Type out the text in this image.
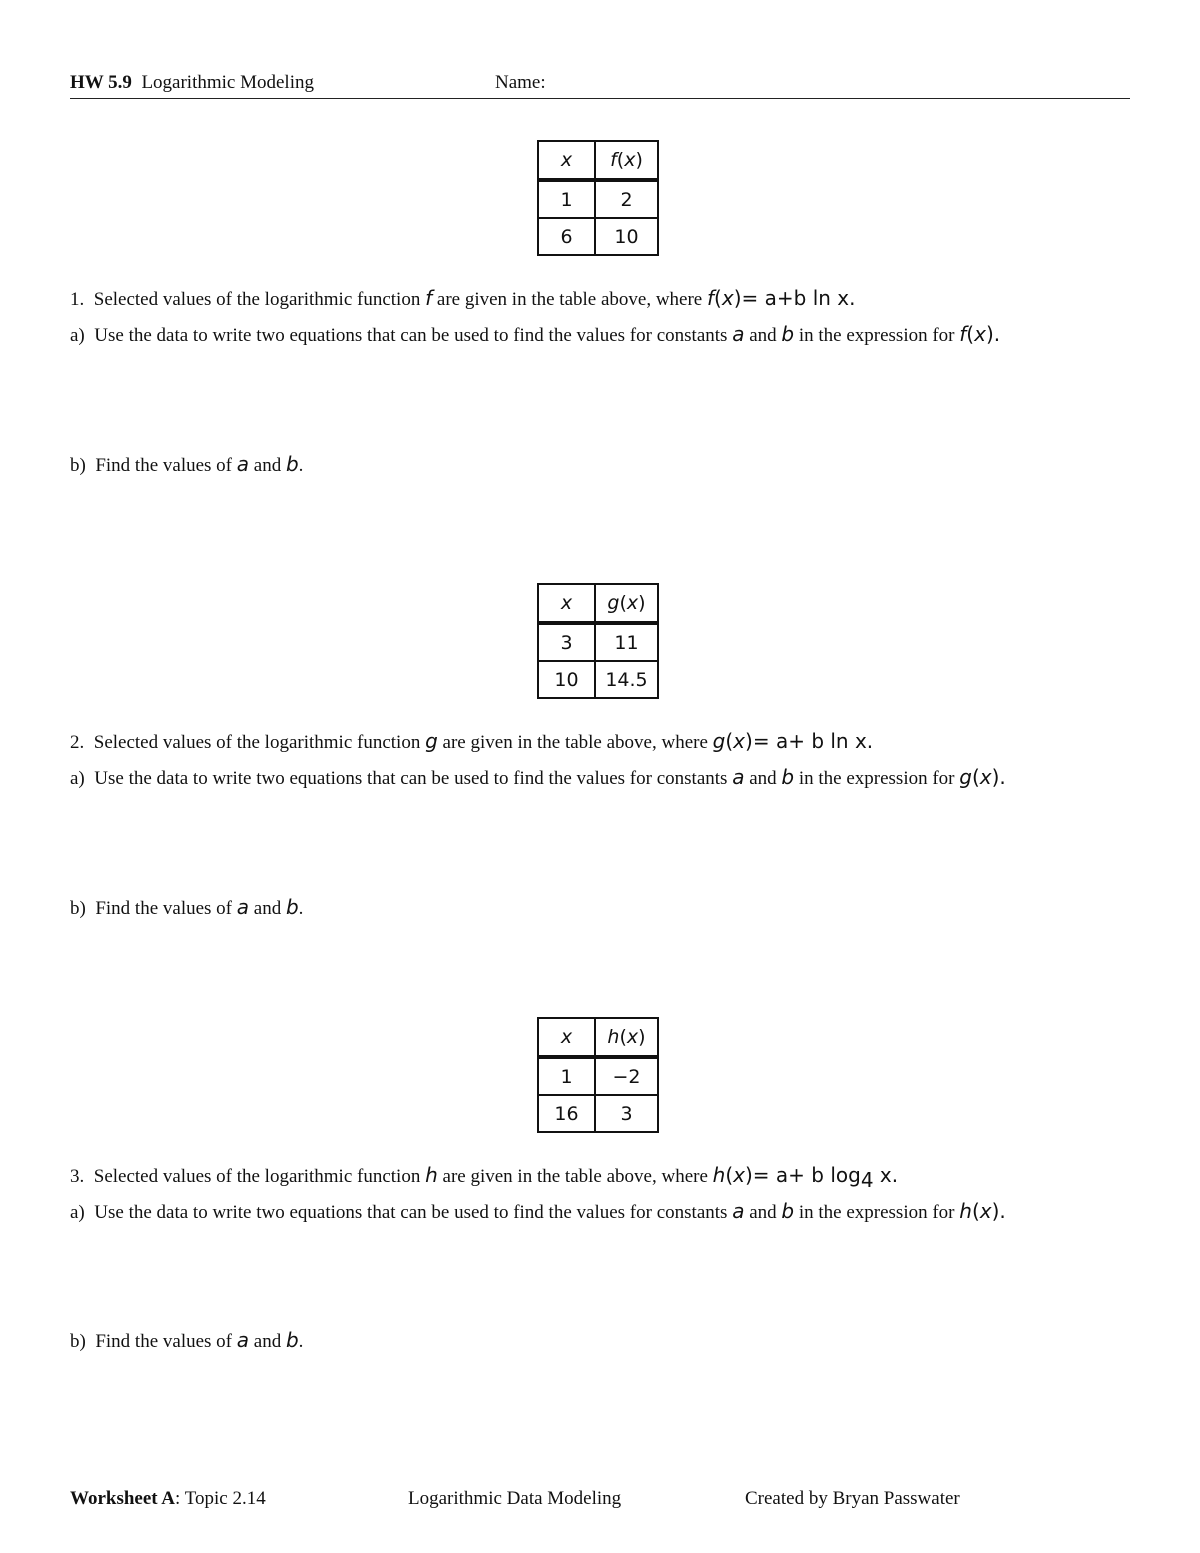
HW 5.9 Logarithmic Modeling	Name:
x	f(x)
1	2
6	10
1. Selected values of the logarithmic function f are given in the table above, where f(x)= a+b ln x.
a) Use the data to write two equations that can be used to find the values for constants a and b in the expression for f(x).
b) Find the values of a and b.
x	g(x)
3	11
10	14.5
2. Selected values of the logarithmic function g are given in the table above, where g(x)= a+ b ln x.
a) Use the data to write two equations that can be used to find the values for constants a and b in the expression for g(x).
b) Find the values of a and b.
x	h(x)
1	−2
16	3
3. Selected values of the logarithmic function h are given in the table above, where h(x)= a+ b $\log_4 x$.
a) Use the data to write two equations that can be used to find the values for constants a and b in the expression for h(x).
b) Find the values of a and b.
Worksheet A: Topic 2.14	Logarithmic Data Modeling	Created by Bryan Passwater
